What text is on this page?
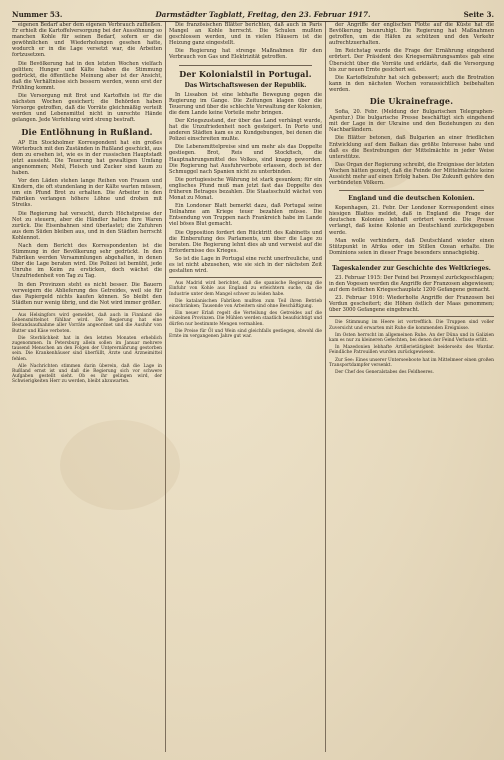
Nummer 53.	Darmstädter Tagblatt, Freitag, den 23. Februar 1917.	Seite 3.

eigenen Bedarf aber dem eigenen Verbrauch zufließen. Er erhielt die Kartoffelversorgung bei der Aussöhnung so manchen Kohle für seinen Bedarf, sofern er die gewöhnlichen und Wiederholungen gesehen hatte, wodurch er in die Lage versetzt war, die Arbeiten fortzusetzen.

Die Bevölkerung hat in den letzten Wochen vielfach gelitten; Hunger und Kälte haben die Stimmung gedrückt, die öffentliche Meinung aber ist der Ansicht, daß die Verhältnisse sich bessern werden, wenn erst der Frühling kommt.

Die Versorgung mit Brot und Kartoffeln ist für die nächsten Wochen gesichert; die Behörden haben Vorsorge getroffen, daß die Vorräte gleichmäßig verteilt werden und Lebensmittel nicht in unrechte Hände gelangen. Jede Verfehlung wird streng bestraft.

Die Entlöhnung in Rußland.

AP Ein Stockholmer Korrespondent hat ein großes Wörterbuch mit den Zuständen in Rußland geschickt, aus dem zu ersehen ist, wie es in der russischen Hauptstadt jetzt aussieht. Die Teuerung hat gewaltigen Umfang angenommen; Mehl, Fleisch und Zucker sind kaum zu haben.

Vor den Läden stehen lange Reihen von Frauen und Kindern, die oft stundenlang in der Kälte warten müssen, um ein Pfund Brot zu erhalten. Die Arbeiter in den Fabriken verlangen höhere Löhne und drohen mit Streiks.

Die Regierung hat versucht, durch Höchstpreise der Not zu steuern, aber die Händler halten ihre Waren zurück. Die Eisenbahnen sind überlastet; die Zufuhren aus dem Süden bleiben aus, und in den Städten herrscht Kohlennot.

Nach dem Bericht des Korrespondenten ist die Stimmung in der Bevölkerung sehr gedrückt. In den Fabriken werden Versammlungen abgehalten, in denen über die Lage beraten wird. Die Polizei ist bemüht, jede Unruhe im Keim zu ersticken, doch wächst die Unzufriedenheit von Tag zu Tag.

In den Provinzen steht es nicht besser. Die Bauern verweigern die Ablieferung des Getreides, weil sie für das Papiergeld nichts kaufen können. So bleibt den Städten nur wenig übrig, und die Not wird immer größer.

Aus Helsingfors wird gemeldet, daß auch in Finnland die Lebensmittelnot fühlbar wird. Die Regierung hat eine Bestandsaufnahme aller Vorräte angeordnet und die Ausfuhr von Butter und Käse verboten.

Die Sterblichkeit hat in den letzten Monaten erheblich zugenommen. In Petersburg allein sollen im Januar mehrere tausend Menschen an den Folgen der Unterernährung gestorben sein. Die Krankenhäuser sind überfüllt, Ärzte und Arzneimittel fehlen.

Alle Nachrichten stimmen darin überein, daß die Lage in Rußland ernst ist und daß die Regierung sich vor schwere Aufgaben gestellt sieht. Ob es ihr gelingen wird, der Schwierigkeiten Herr zu werden, bleibt abzuwarten.

Die französischen Blätter berichten, daß auch in Paris Mangel an Kohle herrscht. Die Schulen mußten geschlossen werden, und in vielen Häusern ist die Heizung ganz eingestellt.

Die Regierung hat strenge Maßnahmen für den Verbrauch von Gas und Elektrizität getroffen.

Der Kolonialstil in Portugal.
Das Wirtschaftswesen der Republik.

In Lissabon ist eine lebhafte Bewegung gegen die Regierung im Gange. Die Zeitungen klagen über die Teuerung und über die schlechte Verwaltung der Kolonien, die dem Lande keine Vorteile mehr bringen.

Der Kriegszustand, der über das Land verhängt wurde, hat die Unzufriedenheit noch gesteigert. In Porto und anderen Städten kam es zu Kundgebungen, bei denen die Polizei einschreiten mußte.

Die Lebensmittelpreise sind um mehr als das Doppelte gestiegen. Brot, Reis und Stockfisch, die Hauptnahrungsmittel des Volkes, sind knapp geworden. Die Regierung hat Ausfuhrverbote erlassen, doch ist der Schmuggel nach Spanien nicht zu unterbinden.

Die portugiesische Währung ist stark gesunken; für ein englisches Pfund muß man jetzt fast das Doppelte des früheren Betrages bezahlen. Die Staatsschuld wächst von Monat zu Monat.

Ein Londoner Blatt bemerkt dazu, daß Portugal seine Teilnahme am Kriege teuer bezahlen müsse. Die Entsendung von Truppen nach Frankreich habe im Lande viel böses Blut gemacht.

Die Opposition fordert den Rücktritt des Kabinetts und die Einberufung des Parlaments, um über die Lage zu beraten. Die Regierung lehnt dies ab und verweist auf die Erfordernisse des Krieges.

So ist die Lage in Portugal eine recht unerfreuliche, und es ist nicht abzusehen, wie sie sich in der nächsten Zeit gestalten wird.

Aus Madrid wird berichtet, daß die spanische Regierung die Einfuhr von Kohle aus England zu erleichtern suche, da die Industrie unter dem Mangel schwer zu leiden habe.

Die katalanischen Fabriken mußten zum Teil ihren Betrieb einschränken; Tausende von Arbeitern sind ohne Beschäftigung.

Ein neuer Erlaß regelt die Verteilung des Getreides auf die einzelnen Provinzen. Die Mühlen werden staatlich beaufsichtigt und dürfen nur bestimmte Mengen vermahlen.

Die Preise für Öl und Wein sind gleichfalls gestiegen, obwohl die Ernte im vergangenen Jahre gut war.

der Angriffe der englischen Flotte auf die Küste hat die Bevölkerung beunruhigt. Die Regierung hat Maßnahmen getroffen, um die Häfen zu schützen und den Verkehr aufrechtzuerhalten.

Im Reichstag wurde die Frage der Ernährung eingehend erörtert. Der Präsident des Kriegsernährungsamtes gab eine Übersicht über die Vorräte und erklärte, daß die Versorgung bis zur neuen Ernte gesichert sei.

Die Kartoffelzufuhr hat sich gebessert; auch die Brotration kann in den nächsten Wochen voraussichtlich beibehalten werden.

Die Ukrainefrage.

Sofia, 20. Febr. (Meldung der Bulgarischen Telegraphen-Agentur.) Die bulgarische Presse beschäftigt sich eingehend mit der Lage in der Ukraine und den Beziehungen zu den Nachbarländern.

Die Blätter betonen, daß Bulgarien an einer friedlichen Entwicklung auf dem Balkan das größte Interesse habe und daß es die Bestrebungen der Mittelmächte in jeder Weise unterstütze.

Das Organ der Regierung schreibt, die Ereignisse der letzten Wochen hätten gezeigt, daß die Feinde der Mittelmächte keine Aussicht mehr auf einen Erfolg haben. Die Zukunft gehöre den verbündeten Völkern.

England und die deutschen Kolonien.

Kopenhagen, 21. Febr. Der Londoner Korrespondent eines hiesigen Blattes meldet, daß in England die Frage der deutschen Kolonien lebhaft erörtert werde. Die Presse verlangt, daß keine Kolonie an Deutschland zurückgegeben werde.

Man wolle verhindern, daß Deutschland wieder einen Stützpunkt in Afrika oder im Stillen Ozean erhalte. Die Dominions seien in dieser Frage besonders unnachgiebig.

Tageskalender zur Geschichte des Weltkrieges.

23. Februar 1915: Der Feind bei Przemysl zurückgeschlagen; in den Vogesen werden die Angriffe der Franzosen abgewiesen; auf dem östlichen Kriegsschauplatz 1200 Gefangene gemacht.

23. Februar 1916: Wiederholte Angriffe der Franzosen bei Verdun gescheitert; die Höhen östlich der Maas genommen; über 3000 Gefangene eingebracht.

Die Stimmung im Heere ist vortrefflich. Die Truppen sind voller Zuversicht und erwarten mit Ruhe die kommenden Ereignisse.

Im Osten herrscht im allgemeinen Ruhe. An der Düna und in Galizien kam es nur zu kleineren Gefechten, bei denen der Feind Verluste erlitt.

In Mazedonien lebhafte Artillerietätigkeit beiderseits des Wardar. Feindliche Patrouillen wurden zurückgewiesen.

Zur See: Eines unserer Unterseeboote hat im Mittelmeer einen großen Transportdampfer versenkt.

Der Chef des Generalstabes des Feldheeres.
